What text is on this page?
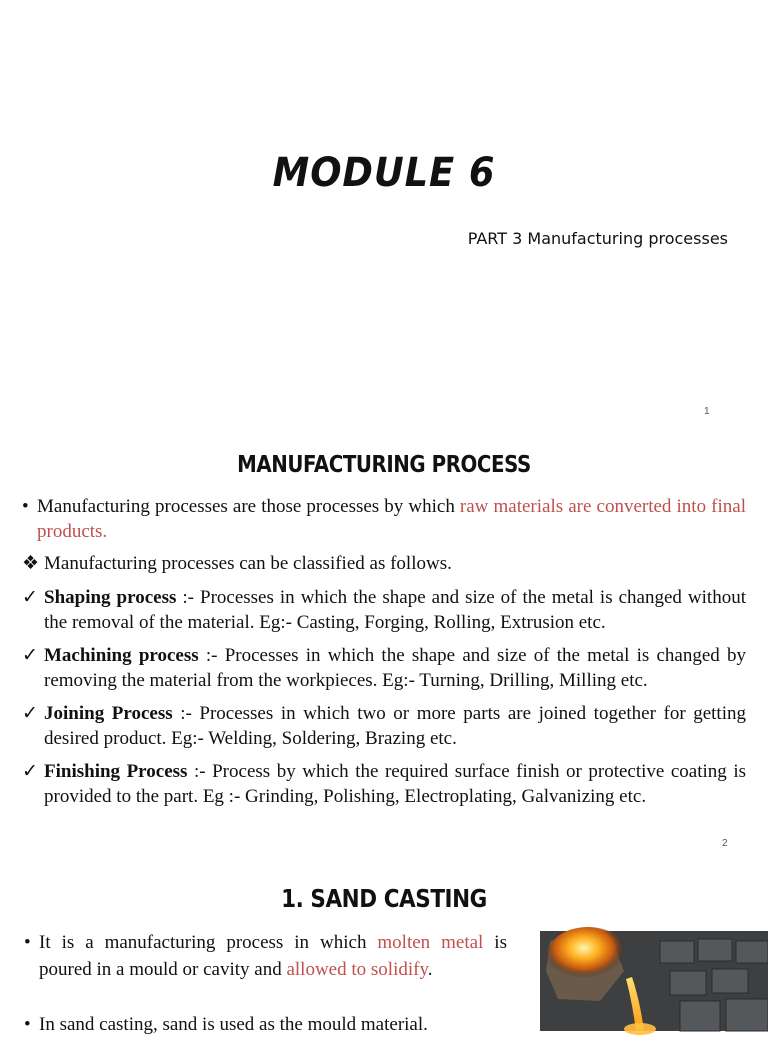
MODULE 6
PART 3 Manufacturing processes
1
MANUFACTURING PROCESS
• Manufacturing processes are those processes by which raw materials are converted into final products.
❖ Manufacturing processes can be classified as follows.
✓ Shaping process :- Processes in which the shape and size of the metal is changed without the removal of the material. Eg:- Casting, Forging, Rolling, Extrusion etc.
✓ Machining process :- Processes in which the shape and size of the metal is changed by removing the material from the workpieces. Eg:- Turning, Drilling, Milling etc.
✓ Joining Process :- Processes in which two or more parts are joined together for getting desired product. Eg:- Welding, Soldering, Brazing etc.
✓ Finishing Process :- Process by which the required surface finish or protective coating is provided to the part. Eg :- Grinding, Polishing, Electroplating, Galvanizing etc.
2
1. SAND CASTING
• It is a manufacturing process in which molten metal is poured in a mould or cavity and allowed to solidify.
• In sand casting, sand is used as the mould material.
